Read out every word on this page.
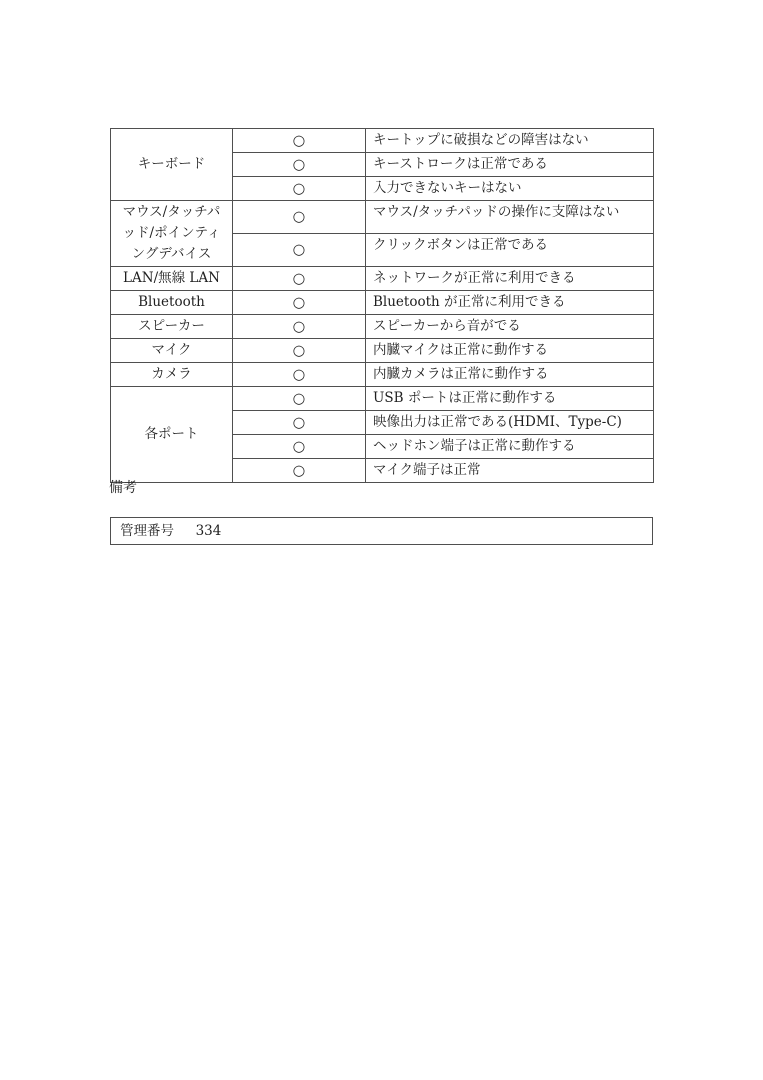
キーボード	○	キートップに破損などの障害はない
	○	キーストロークは正常である
	○	入力できないキーはない
マウス/タッチパッド/ポインティングデバイス	○	マウス/タッチパッドの操作に支障はない
	○	クリックボタンは正常である
LAN/無線 LAN	○	ネットワークが正常に利用できる
Bluetooth	○	Bluetooth が正常に利用できる
スピーカー	○	スピーカーから音がでる
マイク	○	内臓マイクは正常に動作する
カメラ	○	内臓カメラは正常に動作する
各ポート	○	USB ポートは正常に動作する
	○	映像出力は正常である(HDMI、Type-C)
	○	ヘッドホン端子は正常に動作する
	○	マイク端子は正常
備考
管理番号 334
